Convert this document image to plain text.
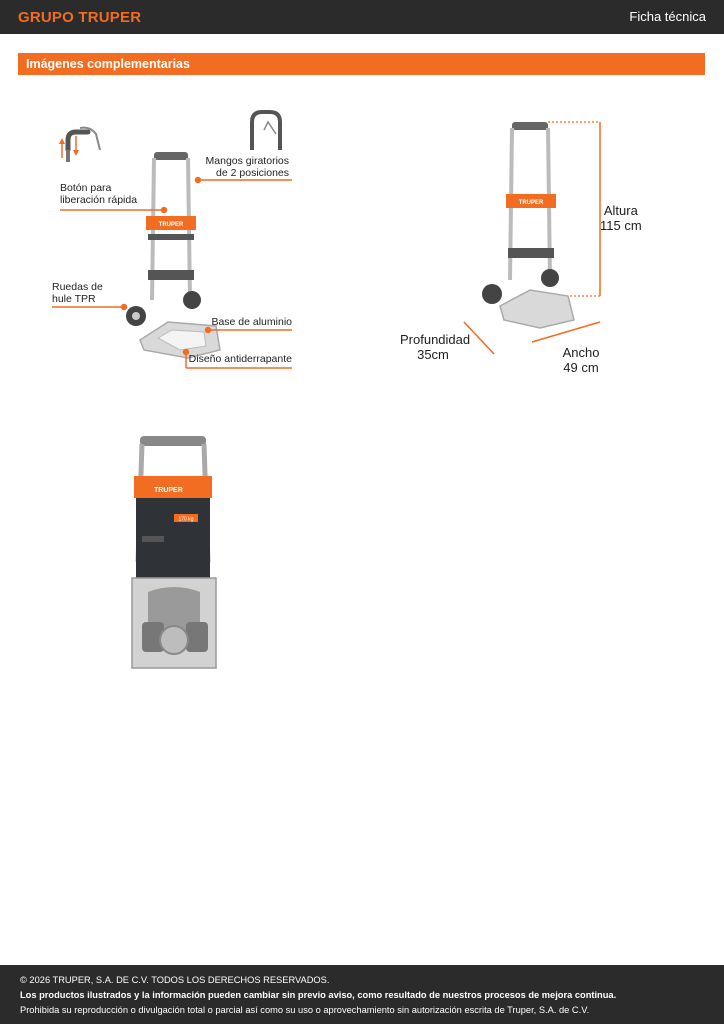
GRUPO TRUPER	Ficha técnica
Imágenes complementarias
TRUPER
Mangos giratorios
de 2 posiciones
Botón para
liberación rápida
Ruedas de
hule TPR
Base de aluminio
Diseño antiderrapante
TRUPER	Altura
115 cm
Profundidad
35cm	Ancho
49 cm
TRUPER
170 kg
© 2026 TRUPER, S.A. DE C.V. TODOS LOS DERECHOS RESERVADOS.
Los productos ilustrados y la información pueden cambiar sin previo aviso, como resultado de nuestros procesos de mejora continua.
Prohibida su reproducción o divulgación total o parcial así como su uso o aprovechamiento sin autorización escrita de Truper, S.A. de C.V.
